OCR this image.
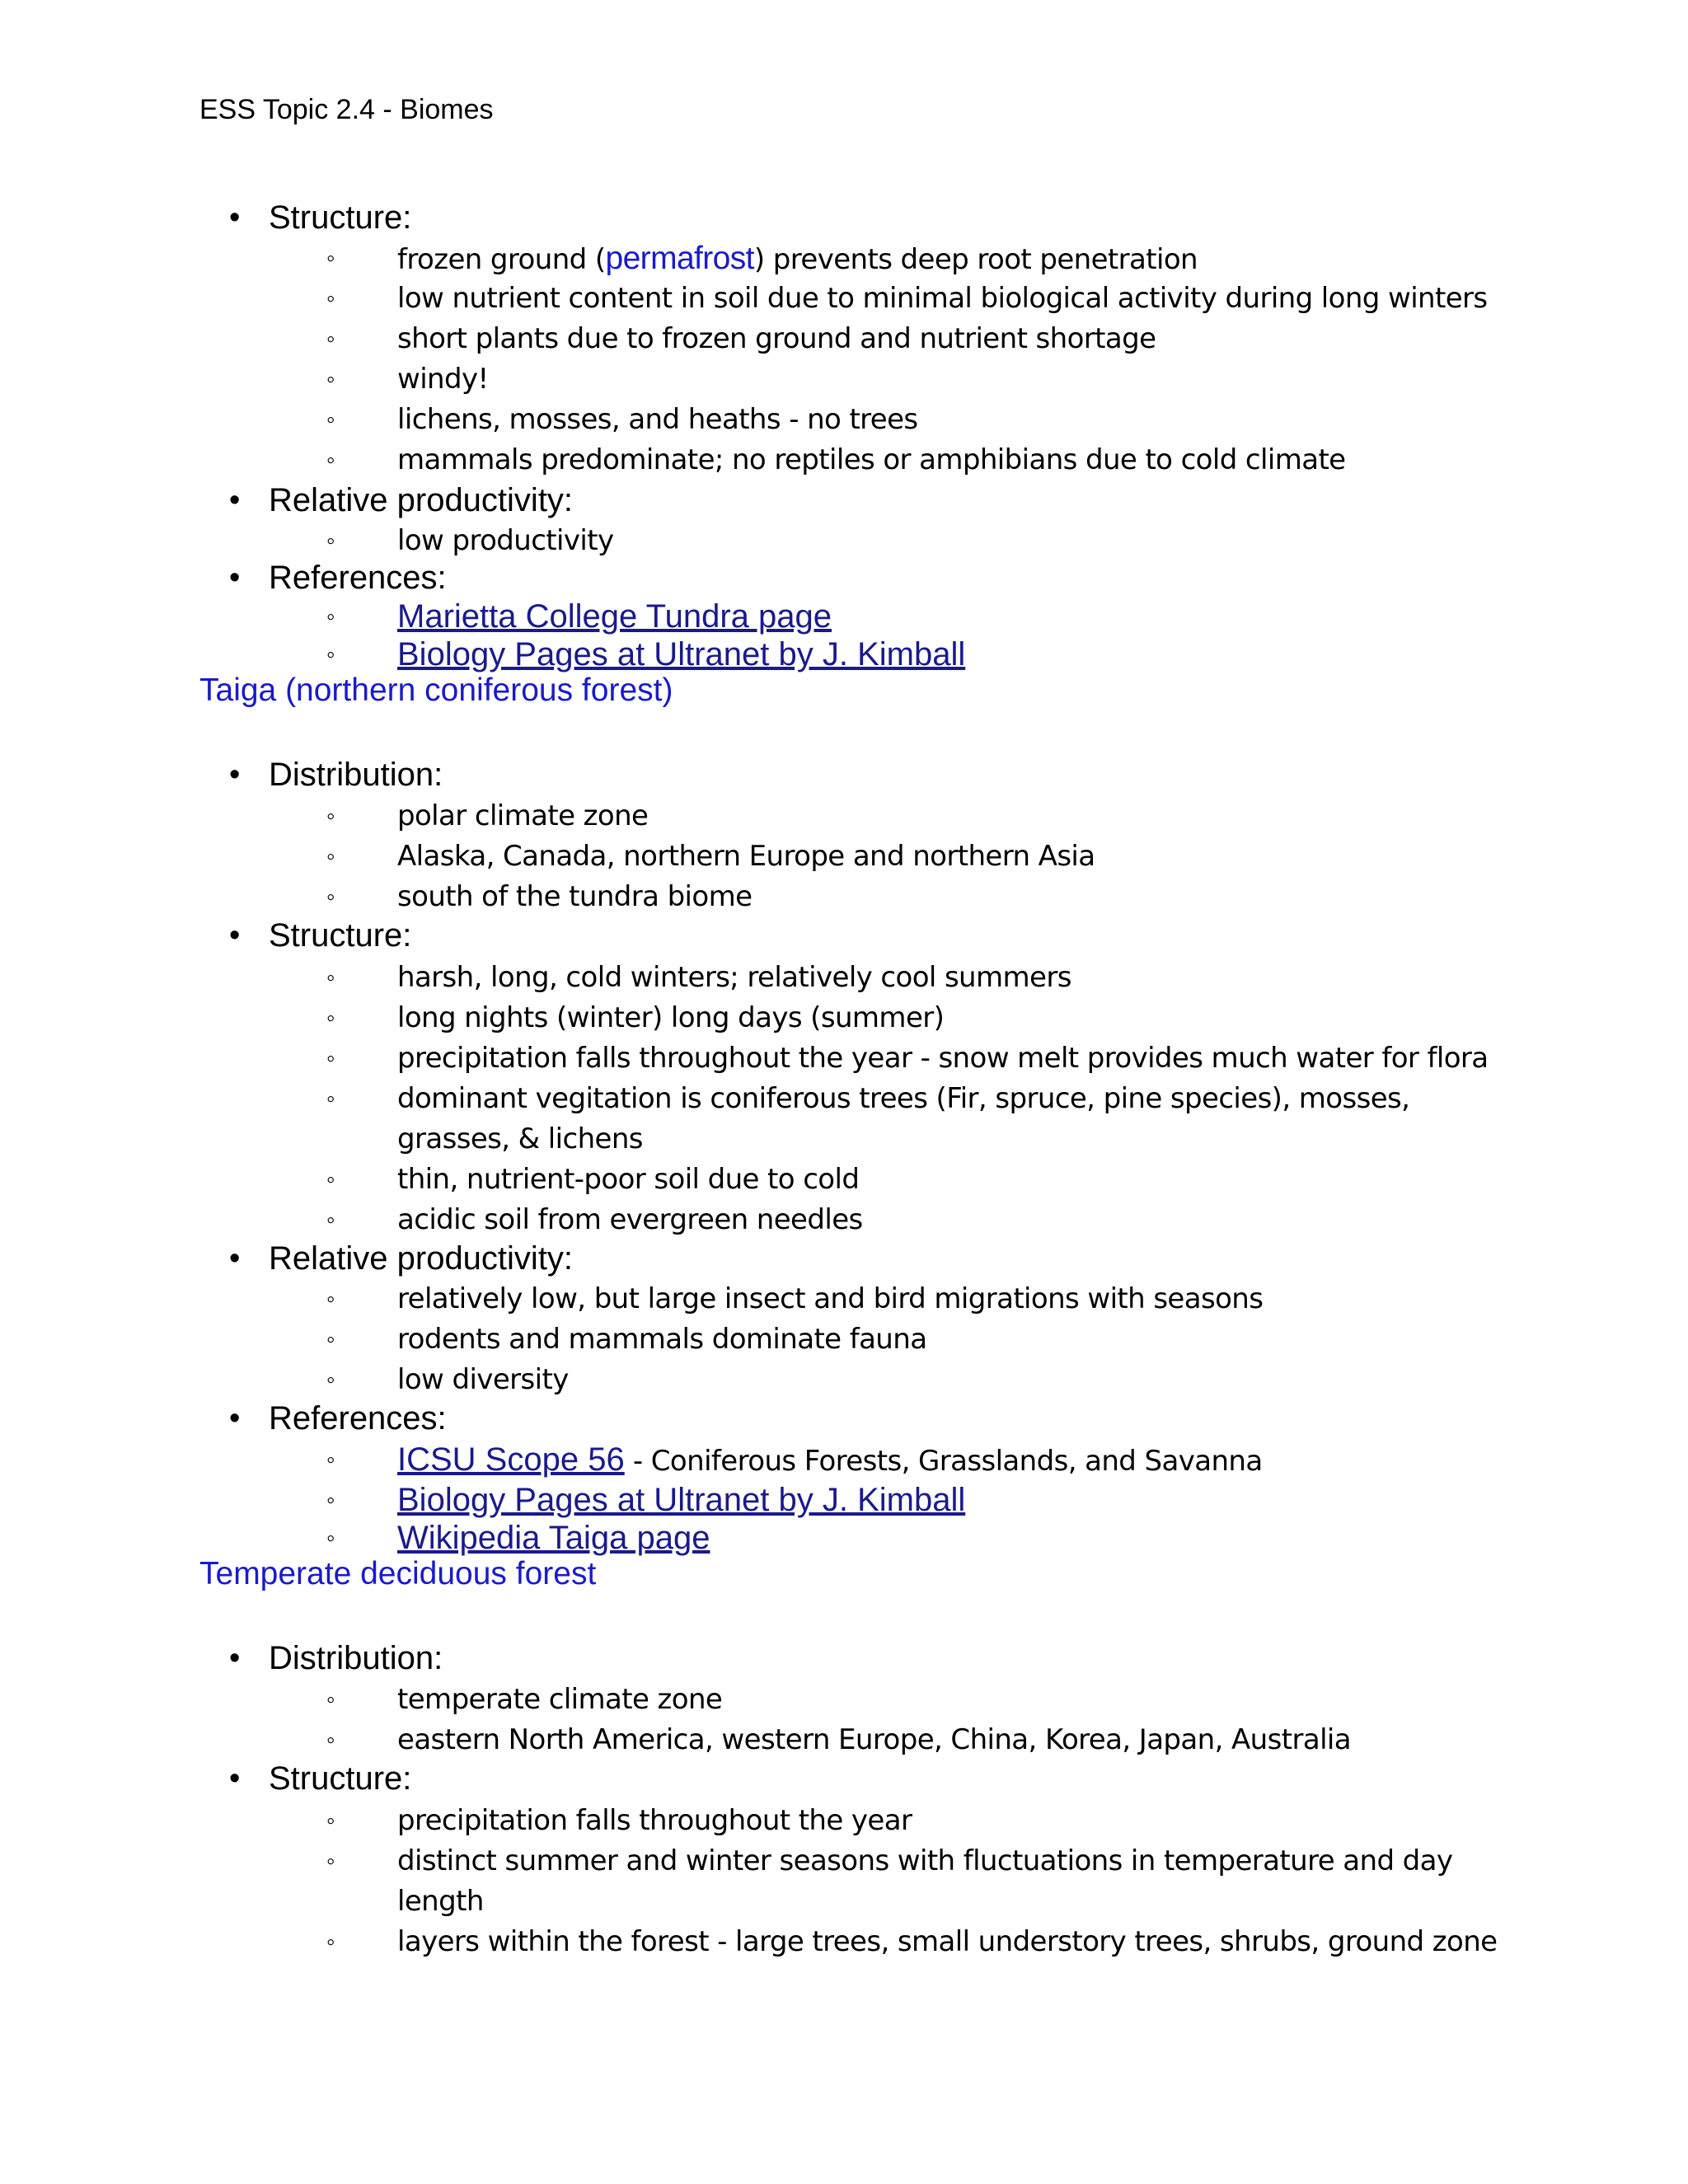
ESS Topic 2.4 - Biomes
• Structure:
◦ frozen ground (permafrost) prevents deep root penetration
◦ low nutrient content in soil due to minimal biological activity during long winters
◦ short plants due to frozen ground and nutrient shortage
◦ windy!
◦ lichens, mosses, and heaths - no trees
◦ mammals predominate; no reptiles or amphibians due to cold climate
• Relative productivity:
◦ low productivity
• References:
◦ Marietta College Tundra page
◦ Biology Pages at Ultranet by J. Kimball
Taiga (northern coniferous forest)
• Distribution:
◦ polar climate zone
◦ Alaska, Canada, northern Europe and northern Asia
◦ south of the tundra biome
• Structure:
◦ harsh, long, cold winters; relatively cool summers
◦ long nights (winter) long days (summer)
◦ precipitation falls throughout the year - snow melt provides much water for flora
◦ dominant vegitation is coniferous trees (Fir, spruce, pine species), mosses,
grasses, & lichens
◦ thin, nutrient-poor soil due to cold
◦ acidic soil from evergreen needles
• Relative productivity:
◦ relatively low, but large insect and bird migrations with seasons
◦ rodents and mammals dominate fauna
◦ low diversity
• References:
◦ ICSU Scope 56 - Coniferous Forests, Grasslands, and Savanna
◦ Biology Pages at Ultranet by J. Kimball
◦ Wikipedia Taiga page
Temperate deciduous forest
• Distribution:
◦ temperate climate zone
◦ eastern North America, western Europe, China, Korea, Japan, Australia
• Structure:
◦ precipitation falls throughout the year
◦ distinct summer and winter seasons with fluctuations in temperature and day
length
◦ layers within the forest - large trees, small understory trees, shrubs, ground zone
